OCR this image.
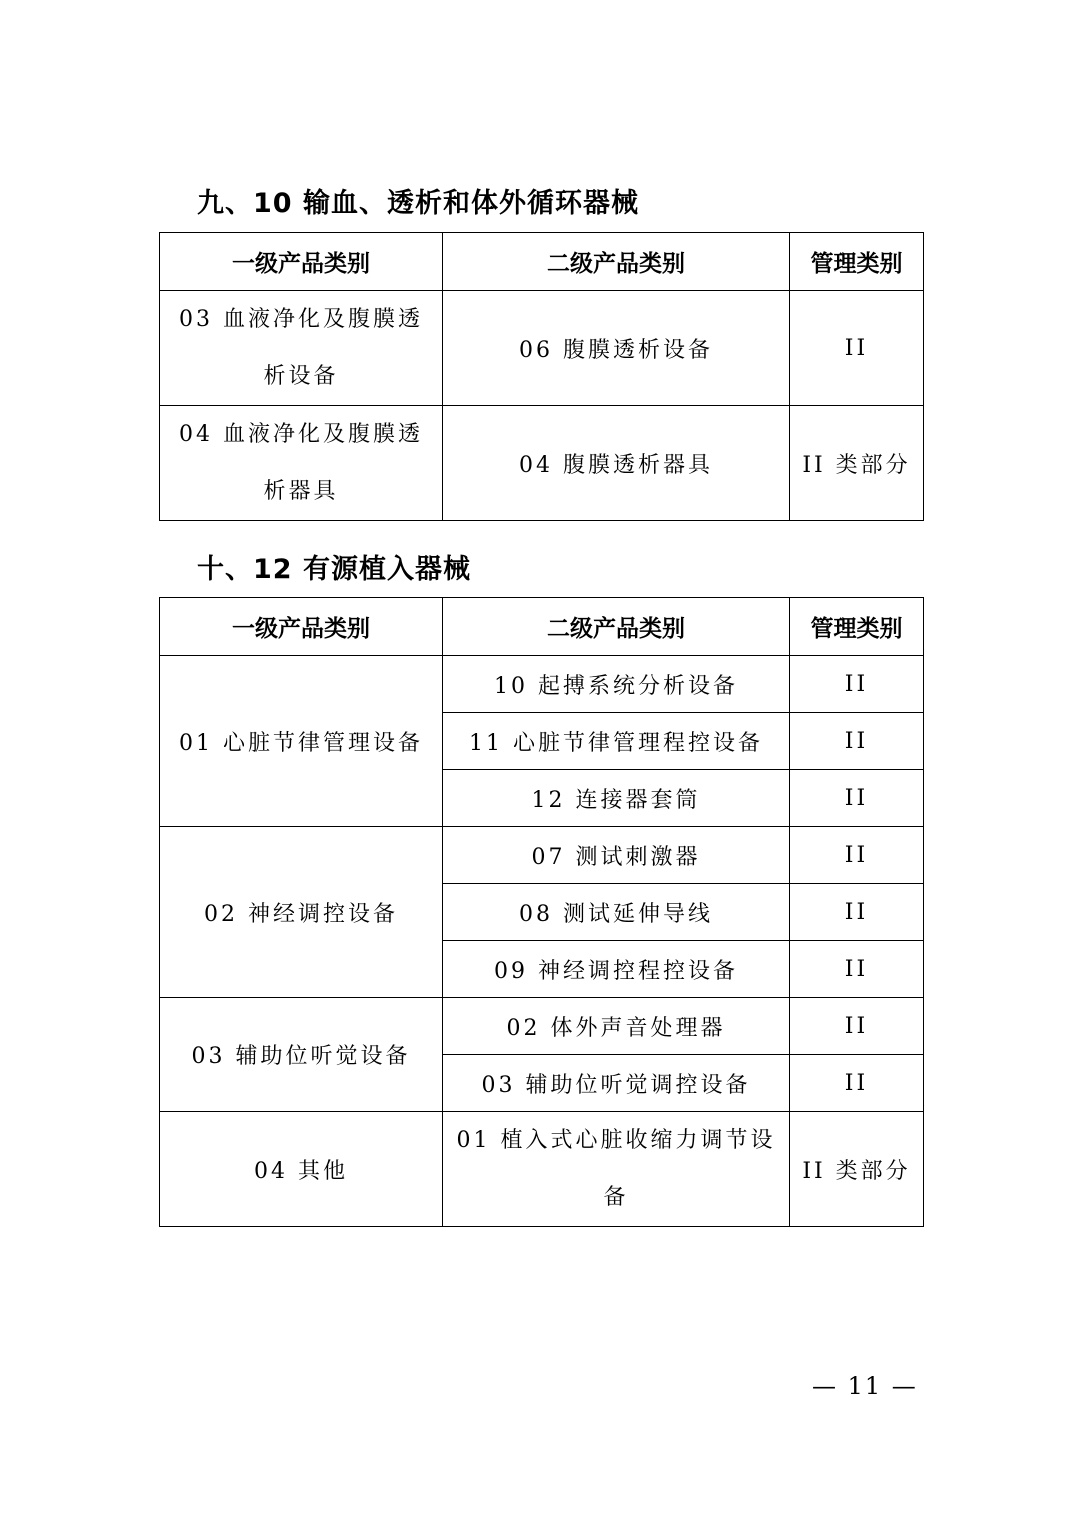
九、10 输血、透析和体外循环器械
一级产品类别	二级产品类别	管理类别
03 血液净化及腹膜透析设备	06 腹膜透析设备	II
04 血液净化及腹膜透析器具	04 腹膜透析器具	II 类部分
十、12 有源植入器械
一级产品类别	二级产品类别	管理类别
01 心脏节律管理设备	10 起搏系统分析设备	II
	11 心脏节律管理程控设备	II
	12 连接器套筒	II
02 神经调控设备	07 测试刺激器	II
	08 测试延伸导线	II
	09 神经调控程控设备	II
03 辅助位听觉设备	02 体外声音处理器	II
	03 辅助位听觉调控设备	II
04 其他	01 植入式心脏收缩力调节设备	II 类部分
— 11 —
